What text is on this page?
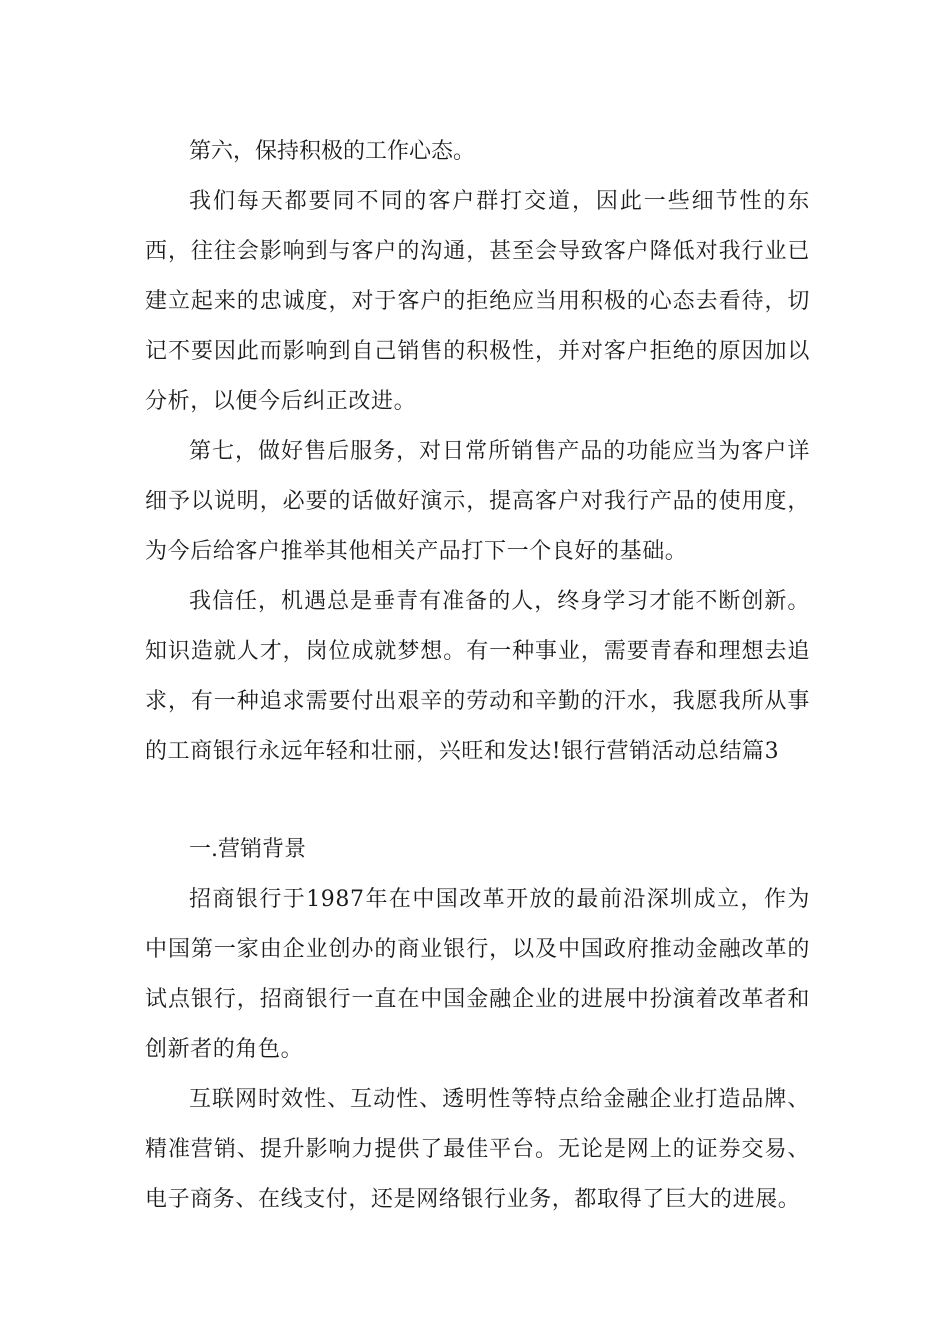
第六，保持积极的工作心态。

我们每天都要同不同的客户群打交道，因此一些细节性的东西，往往会影响到与客户的沟通，甚至会导致客户降低对我行业已建立起来的忠诚度，对于客户的拒绝应当用积极的心态去看待，切记不要因此而影响到自己销售的积极性，并对客户拒绝的原因加以分析，以便今后纠正改进。

第七，做好售后服务，对日常所销售产品的功能应当为客户详细予以说明，必要的话做好演示，提高客户对我行产品的使用度，为今后给客户推举其他相关产品打下一个良好的基础。

我信任，机遇总是垂青有准备的人，终身学习才能不断创新。知识造就人才，岗位成就梦想。有一种事业，需要青春和理想去追求，有一种追求需要付出艰辛的劳动和辛勤的汗水，我愿我所从事的工商银行永远年轻和壮丽，兴旺和发达!银行营销活动总结篇3

一.营销背景

招商银行于1987年在中国改革开放的最前沿深圳成立，作为中国第一家由企业创办的商业银行，以及中国政府推动金融改革的试点银行，招商银行一直在中国金融企业的进展中扮演着改革者和创新者的角色。

互联网时效性、互动性、透明性等特点给金融企业打造品牌、精准营销、提升影响力提供了最佳平台。无论是网上的证券交易、电子商务、在线支付，还是网络银行业务，都取得了巨大的进展。
